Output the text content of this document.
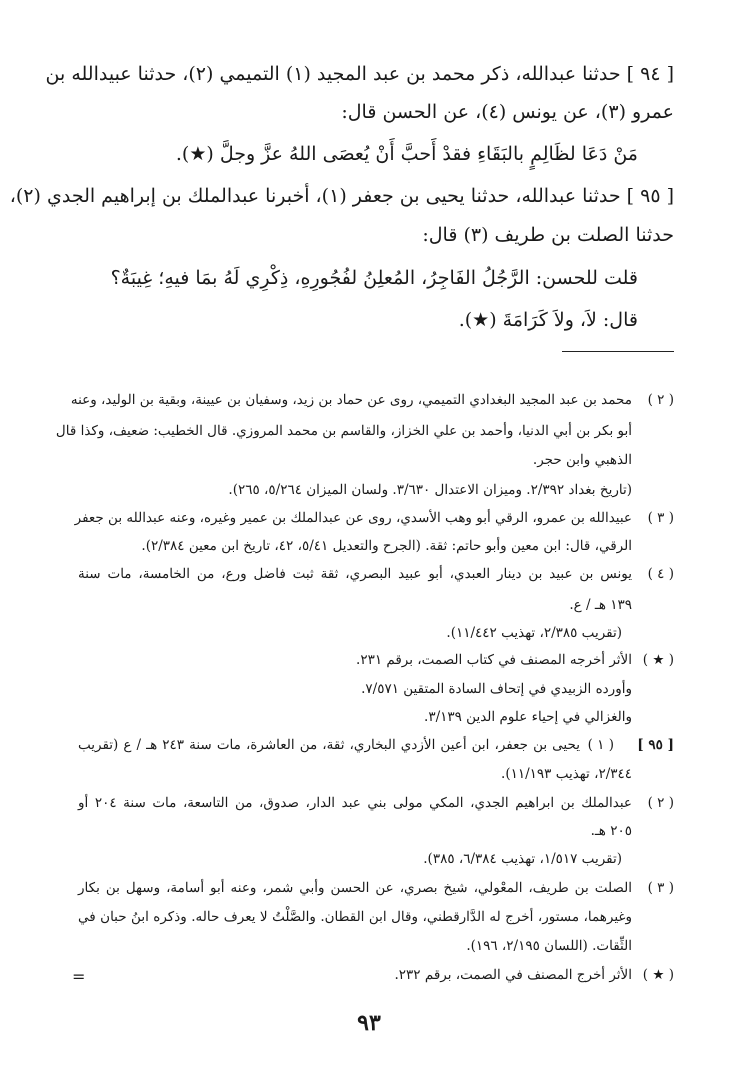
[ ٩٤ ] حدثنا عبدالله، ذكر محمد بن عبد المجيد (١) التميمي (٢)، حدثنا عبيدالله بن
عمرو (٣)، عن يونس (٤)، عن الحسن قال:
مَنْ دَعَا لظَالِمٍ بالبَقَاءِ فقدْ أَحبَّ أَنْ يُعصَى اللهُ عزَّ وجلَّ (★).
[ ٩٥ ] حدثنا عبدالله، حدثنا يحيى بن جعفر (١)، أخبرنا عبدالملك بن إبراهيم الجدي (٢)،
حدثنا الصلت بن طريف (٣) قال:
قلت للحسن: الرَّجُلُ الفَاجِرُ، المُعلِنُ لفُجُورِهِ، ذِكْرِي لَهُ بمَا فيهِ؛ غِيبَةٌ؟
قال: لاَ، ولاَ كَرَامَةَ (★).
( ٢ )
محمد بن عبد المجيد البغدادي التميمي، روى عن حماد بن زيد، وسفيان بن عيينة، وبقية بن الوليد، وعنه
أبو بكر بن أبي الدنيا، وأحمد بن علي الخزاز، والقاسم بن محمد المروزي. قال الخطيب: ضعيف، وكذا قال
الذهبي وابن حجر.
(تاريخ بغداد ٢/٣٩٢. وميزان الاعتدال ٣/٦٣٠. ولسان الميزان ٥/٢٦٤، ٢٦٥).
( ٣ )
عبيدالله بن عمرو، الرقي أبو وهب الأسدي، روى عن عبدالملك بن عمير وغيره، وعنه عبدالله بن جعفر
الرقي، قال: ابن معين وأبو حاتم: ثقة. (الجرح والتعديل ٥/٤١، ٤٢، تاريخ ابن معين ٢/٣٨٤).
( ٤ )
يونس بن عبيد بن دينار العبدي، أبو عبيد البصري، ثقة ثبت فاضل ورع، من الخامسة، مات سنة
١٣٩ هـ / ع.
(تقريب ٢/٣٨٥، تهذيب ١١/٤٤٢).
( ★ )
الأثر أخرجه المصنف في كتاب الصمت، برقم ٢٣١.
وأورده الزبيدي في إتحاف السادة المتقين ٧/٥٧١.
والغزالي في إحياء علوم الدين ٣/١٣٩.
[ ٩٥ ]
( ١ )
يحيى بن جعفر، ابن أعين الأزدي البخاري، ثقة، من العاشرة، مات سنة ٢٤٣ هـ / ع (تقريب
٢/٣٤٤، تهذيب ١١/١٩٣).
( ٢ )
عبدالملك بن ابراهيم الجدي، المكي مولى بني عبد الدار، صدوق، من التاسعة، مات سنة ٢٠٤ أو
٢٠٥ هـ.
(تقريب ١/٥١٧، تهذيب ٦/٣٨٤، ٣٨٥).
( ٣ )
الصلت بن طريف، المعْولي، شيخ بصري، عن الحسن وأبي شمر، وعنه أبو أسامة، وسهل بن بكار
وغيرهما، مستور، أخرج له الدَّارقطني، وقال ابن القطان. والصَّلْتُ لا يعرف حاله. وذكره ابنُ حبان في
الثِّقات. (اللسان ٢/١٩٥، ١٩٦).
( ★ )
الأثر أخرج المصنف في الصمت، برقم ٢٣٢.
=
٩٣
